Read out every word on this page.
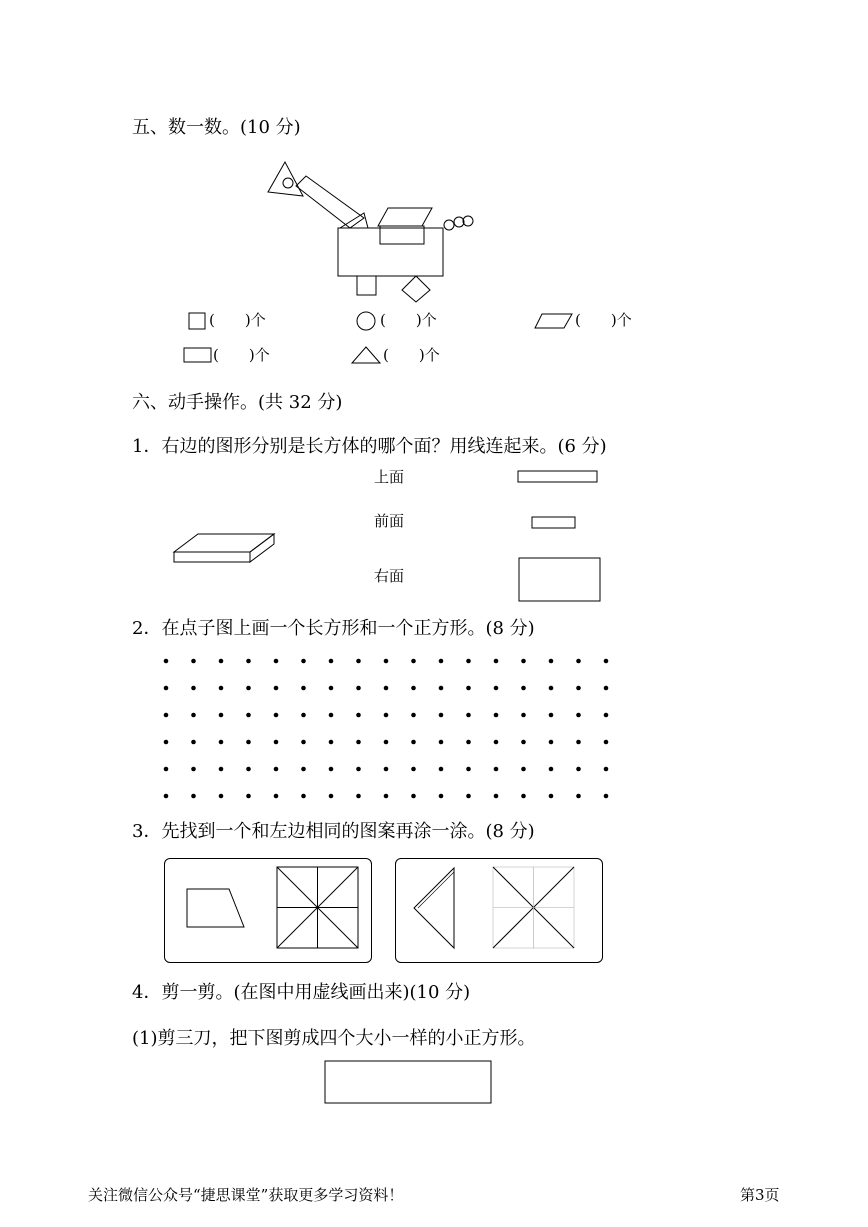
五、数一数。(10 分)
(　　)个	(　　)个	(　　)个
(　　)个	(　　)个
六、动手操作。(共 32 分)
1．右边的图形分别是长方体的哪个面？用线连起来。(6 分)
上面
前面
右面
2．在点子图上画一个长方形和一个正方形。(8 分)
3．先找到一个和左边相同的图案再涂一涂。(8 分)
4．剪一剪。(在图中用虚线画出来)(10 分)
(1)剪三刀，把下图剪成四个大小一样的小正方形。
关注微信公众号“捷思课堂”获取更多学习资料！	第3页
